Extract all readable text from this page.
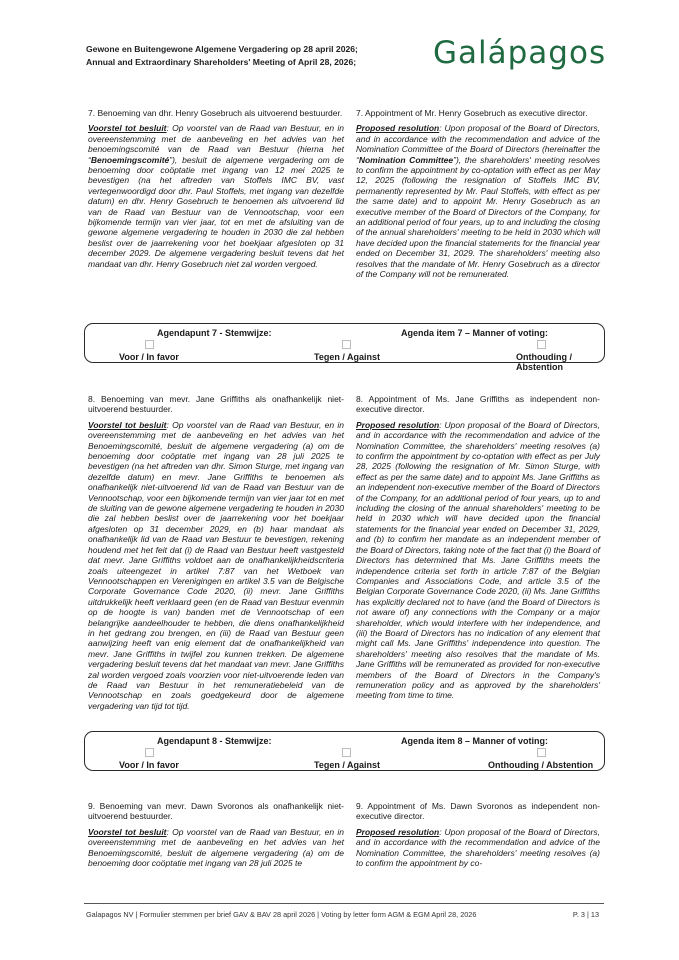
Gewone en Buitengewone Algemene Vergadering op 28 april 2026;
Annual and Extraordinary Shareholders' Meeting of April 28, 2026;	Galápagos

7. Benoeming van dhr. Henry Gosebruch als uitvoerend bestuurder.

Voorstel tot besluit: Op voorstel van de Raad van Bestuur, en in overeenstemming met de aanbeveling en het advies van het benoemingscomité van de Raad van Bestuur (hierna het “Benoemingscomité”), besluit de algemene vergadering om de benoeming door coöptatie met ingang van 12 mei 2025 te bevestigen (na het aftreden van Stoffels IMC BV, vast vertegenwoordigd door dhr. Paul Stoffels, met ingang van dezelfde datum) en dhr. Henry Gosebruch te benoemen als uitvoerend lid van de Raad van Bestuur van de Vennootschap, voor een bijkomende termijn van vier jaar, tot en met de afsluiting van de gewone algemene vergadering te houden in 2030 die zal hebben beslist over de jaarrekening voor het boekjaar afgesloten op 31 december 2029. De algemene vergadering besluit tevens dat het mandaat van dhr. Henry Gosebruch niet zal worden vergoed.

7. Appointment of Mr. Henry Gosebruch as executive director.

Proposed resolution: Upon proposal of the Board of Directors, and in accordance with the recommendation and advice of the Nomination Committee of the Board of Directors (hereinafter the “Nomination Committee”), the shareholders' meeting resolves to confirm the appointment by co-optation with effect as per May 12, 2025 (following the resignation of Stoffels IMC BV, permanently represented by Mr. Paul Stoffels, with effect as per the same date) and to appoint Mr. Henry Gosebruch as an executive member of the Board of Directors of the Company, for an additional period of four years, up to and including the closing of the annual shareholders' meeting to be held in 2030 which will have decided upon the financial statements for the financial year ended on December 31, 2029. The shareholders' meeting also resolves that the mandate of Mr. Henry Gosebruch as a director of the Company will not be remunerated.

Agendapunt 7 - Stemwijze:	Agenda item 7 – Manner of voting:
Voor / In favor	Tegen / Against	Onthouding / Abstention

8. Benoeming van mevr. Jane Griffiths als onafhankelijk niet-uitvoerend bestuurder.

Voorstel tot besluit: Op voorstel van de Raad van Bestuur, en in overeenstemming met de aanbeveling en het advies van het Benoemingscomité, besluit de algemene vergadering (a) om de benoeming door coöptatie met ingang van 28 juli 2025 te bevestigen (na het aftreden van dhr. Simon Sturge, met ingang van dezelfde datum) en mevr. Jane Griffiths te benoemen als onafhankelijk niet-uitvoerend lid van de Raad van Bestuur van de Vennootschap, voor een bijkomende termijn van vier jaar tot en met de sluiting van de gewone algemene vergadering te houden in 2030 die zal hebben beslist over de jaarrekening voor het boekjaar afgesloten op 31 december 2029, en (b) haar mandaat als onafhankelijk lid van de Raad van Bestuur te bevestigen, rekening houdend met het feit dat (i) de Raad van Bestuur heeft vastgesteld dat mevr. Jane Griffiths voldoet aan de onafhankelijkheidscriteria zoals uiteengezet in artikel 7:87 van het Wetboek van Vennootschappen en Verenigingen en artikel 3.5 van de Belgische Corporate Governance Code 2020, (ii) mevr. Jane Griffiths uitdrukkelijk heeft verklaard geen (en de Raad van Bestuur evenmin op de hoogte is van) banden met de Vennootschap of een belangrijke aandeelhouder te hebben, die diens onafhankelijkheid in het gedrang zou brengen, en (iii) de Raad van Bestuur geen aanwijzing heeft van enig element dat de onafhankelijkheid van mevr. Jane Griffiths in twijfel zou kunnen trekken. De algemene vergadering besluit tevens dat het mandaat van mevr. Jane Griffiths zal worden vergoed zoals voorzien voor niet-uitvoerende leden van de Raad van Bestuur in het remuneratiebeleid van de Vennootschap en zoals goedgekeurd door de algemene vergadering van tijd tot tijd.

8. Appointment of Ms. Jane Griffiths as independent non-executive director.

Proposed resolution: Upon proposal of the Board of Directors, and in accordance with the recommendation and advice of the Nomination Committee, the shareholders' meeting resolves (a) to confirm the appointment by co-optation with effect as per July 28, 2025 (following the resignation of Mr. Simon Sturge, with effect as per the same date) and to appoint Ms. Jane Griffiths as an independent non-executive member of the Board of Directors of the Company, for an additional period of four years, up to and including the closing of the annual shareholders' meeting to be held in 2030 which will have decided upon the financial statements for the financial year ended on December 31, 2029, and (b) to confirm her mandate as an independent member of the Board of Directors, taking note of the fact that (i) the Board of Directors has determined that Ms. Jane Griffiths meets the independence criteria set forth in article 7:87 of the Belgian Companies and Associations Code, and article 3.5 of the Belgian Corporate Governance Code 2020, (ii) Ms. Jane Griffiths has explicitly declared not to have (and the Board of Directors is not aware of) any connections with the Company or a major shareholder, which would interfere with her independence, and (iii) the Board of Directors has no indication of any element that might call Ms. Jane Griffiths' independence into question. The shareholders' meeting also resolves that the mandate of Ms. Jane Griffiths will be remunerated as provided for non-executive members of the Board of Directors in the Company's remuneration policy and as approved by the shareholders' meeting from time to time.

Agendapunt 8 - Stemwijze:	Agenda item 8 – Manner of voting:
Voor / In favor	Tegen / Against	Onthouding / Abstention

9. Benoeming van mevr. Dawn Svoronos als onafhankelijk niet-uitvoerend bestuurder.

Voorstel tot besluit: Op voorstel van de Raad van Bestuur, en in overeenstemming met de aanbeveling en het advies van het Benoemingscomité, besluit de algemene vergadering (a) om de benoeming door coöptatie met ingang van 28 juli 2025 te

9. Appointment of Ms. Dawn Svoronos as independent non-executive director.

Proposed resolution: Upon proposal of the Board of Directors, and in accordance with the recommendation and advice of the Nomination Committee, the shareholders' meeting resolves (a) to confirm the appointment by co-

Galapagos NV | Formulier stemmen per brief GAV & BAV 28 april 2026 | Voting by letter form AGM & EGM April 28, 2026	P. 3 | 13
